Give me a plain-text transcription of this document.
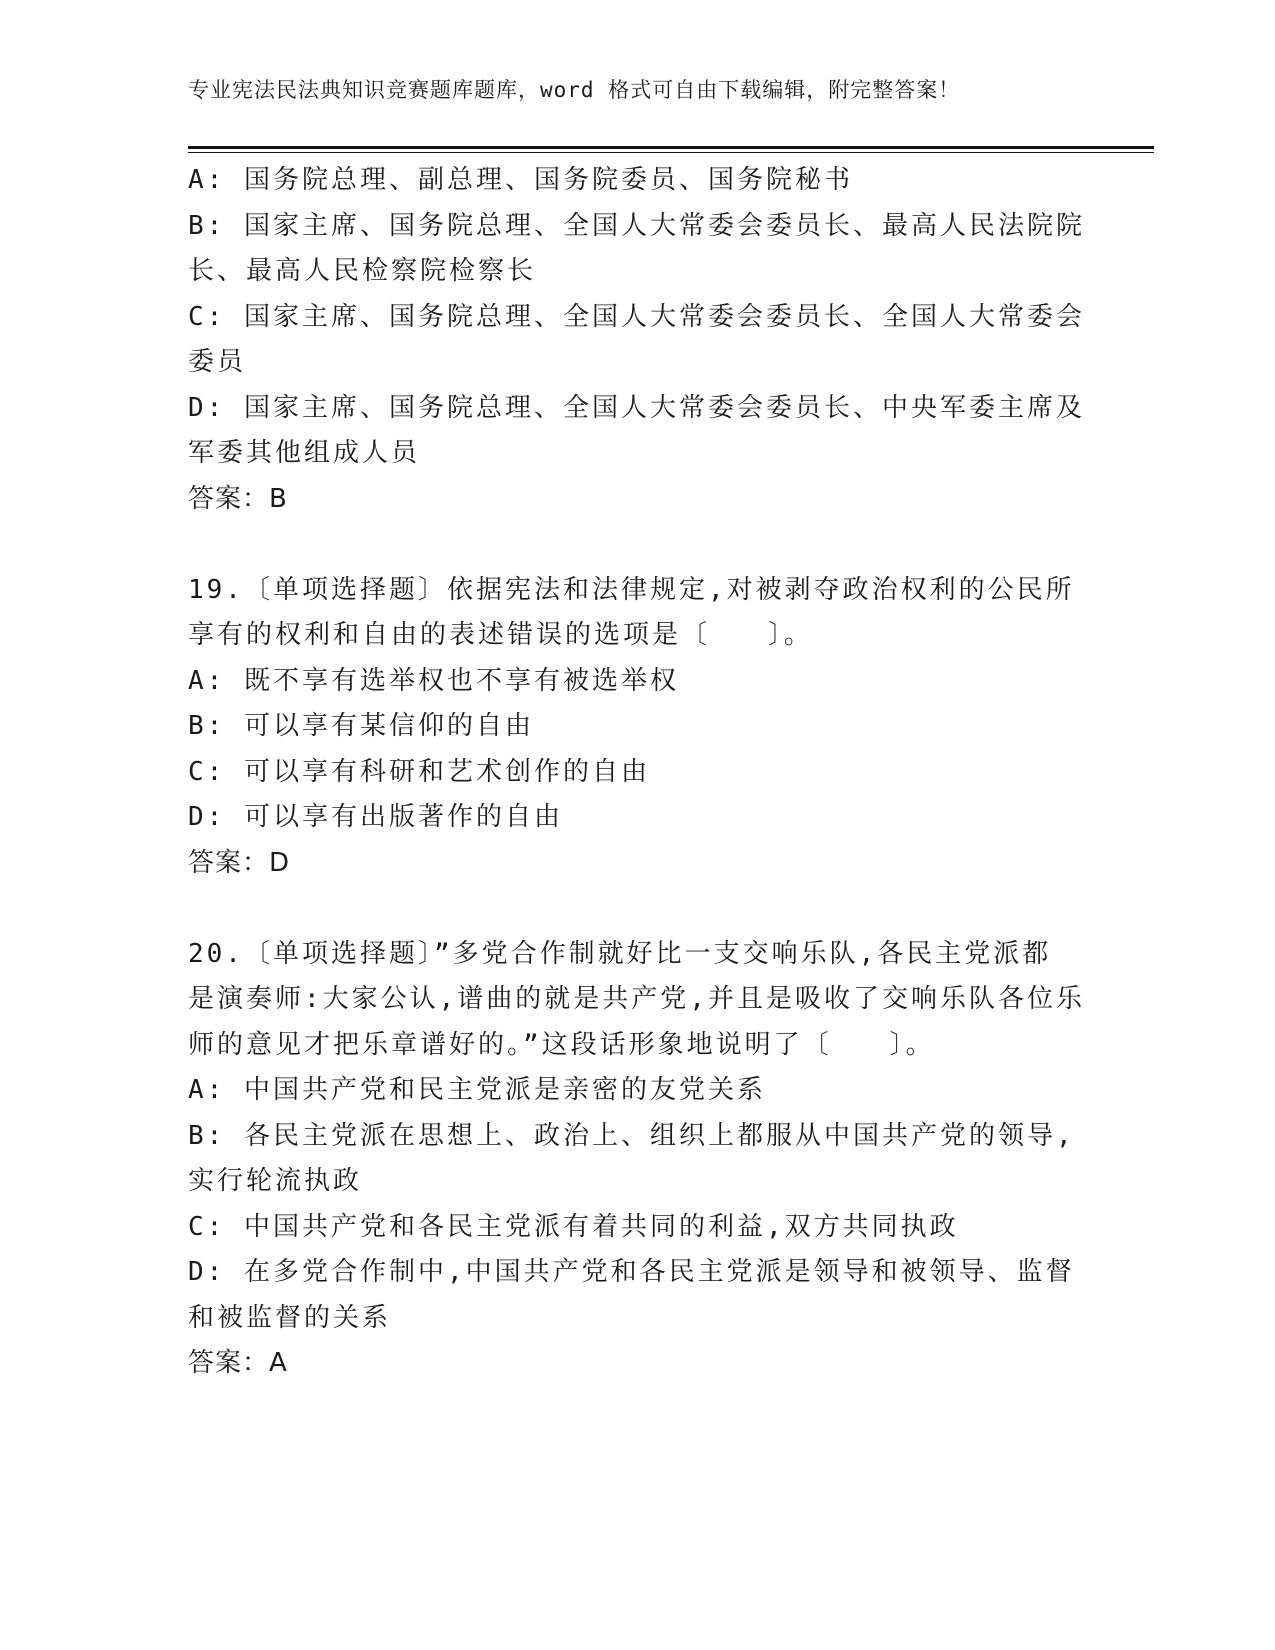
专业宪法民法典知识竞赛题库题库，word 格式可自由下载编辑，附完整答案！
A: 国务院总理、副总理、国务院委员、国务院秘书
B: 国家主席、国务院总理、全国人大常委会委员长、最高人民法院院
长、最高人民检察院检察长
C: 国家主席、国务院总理、全国人大常委会委员长、全国人大常委会
委员
D: 国家主席、国务院总理、全国人大常委会委员长、中央军委主席及
军委其他组成人员
答案：B
19.〔单项选择题〕依据宪法和法律规定,对被剥夺政治权利的公民所
享有的权利和自由的表述错误的选项是〔　　〕。
A: 既不享有选举权也不享有被选举权
B: 可以享有某信仰的自由
C: 可以享有科研和艺术创作的自由
D: 可以享有出版著作的自由
答案：D
20.〔单项选择题〕”多党合作制就好比一支交响乐队,各民主党派都
是演奏师:大家公认,谱曲的就是共产党,并且是吸收了交响乐队各位乐
师的意见才把乐章谱好的。”这段话形象地说明了〔　　〕。
A: 中国共产党和民主党派是亲密的友党关系
B: 各民主党派在思想上、政治上、组织上都服从中国共产党的领导,
实行轮流执政
C: 中国共产党和各民主党派有着共同的利益,双方共同执政
D: 在多党合作制中,中国共产党和各民主党派是领导和被领导、监督
和被监督的关系
答案：A
